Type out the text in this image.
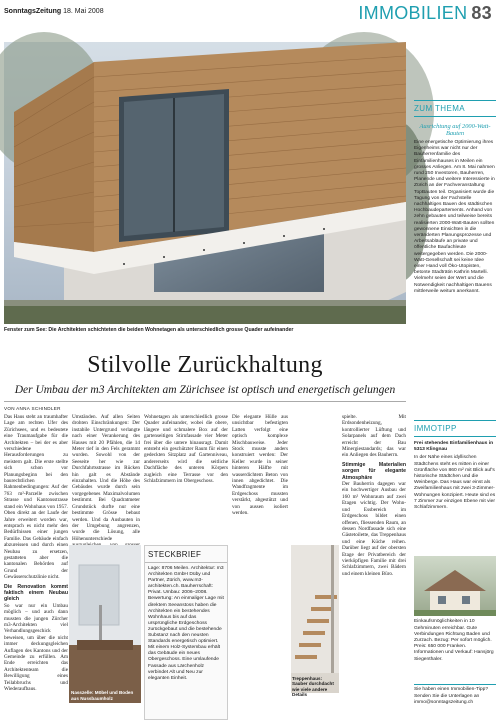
SonntagsZeitung 18. Mai 2008	IMMOBILIEN 83
Fenster zum See: Die Architekten schichteten die beiden Wohnetagen als unterschiedlich grosse Quader aufeinander
Stilvolle Zurückhaltung
Der Umbau der m3 Architekten am Zürichsee ist optisch und energetisch gelungen
VON ANNA SCHINDLER

Das Haus steht an traumhafter Lage am rechten Ufer des Zürichsees, und es bedeutete eine Traumaufgabe für die Architekten – bei der es aber verschiedene Herausforderungen zu meistern galt. Die erste stellte sich schon vor Planungsbeginn bei den baurechtlichen Rahmenbedingungen: Auf der 763 m²-Parzelle zwischen Strasse und Kantonsstrasse stand ein Wohnhaus von 1957. Oben direkt an der Laufe der Jahre erweitert worden war, entsprach es nicht mehr den Bedürfnissen einer jungen Familie. Das Gebäude einfach abzureissen und durch einen Neubau zu ersetzen, gestatteten aber die kantonalen Behörden auf Grund der Gewässerschutzlinie nicht.

Die Renovation kommt faktisch einem Neubau gleich

So war nur ein Umbau möglich – und auch dann mussten die jungen Zürcher m3-Architekten viel Verhandlungsgeschick beweisen, um über die nicht immer deckungsgleichen Auflagen des Kantons und der Gemeinde zu erfüllen. Am Ende erreichten das Architektenteam die Bewilligung eines Teilabbruchs und Wiederaufbaus.

Umständen. Auf allen Seiten drohten Einschränkungen: Der instabile Untergrund verlangte nach einer Verankerung des Hauses mit 20 Pfählen, die 14 Meter tief in den Fels gerammt wurden. Sowohl von der Seeseite her wie zur Durchfahrtsstrasse im Rücken hin galt es Abstände einzuhalten. Und die Höhe des Gebäudes wurde durch sein vorgegebenes Maximalvolumen bestimmt. Bei Quadratmeter Grundstück durfte nur eine bestimmte Grösse bebaut werden. Und da Ausbauten in der Umgebung angrenzen, wurde die Lösung, alle Höhenunterschiede

Wohnetagen als unterschiedlich grosse Quader aufeinander, wobei die obere, längere und schmalere Box auf der gartenseitigen Stirnfassade vier Meter frei über die untere hinausragt. Damit entsteht ein geschützter Raum für einen gedeckten Sitzplatz auf Gartenniveau, andererseits wird die seitliche Dachfläche des unteren Körpers zugleich eine Terrasse vor den Schlafzimmern im Obergeschoss.

Die elegante Hülle aus unsichtbar befestigten Latten verfolgt eine optisch komplexe Mischbauweise. Jeder Stock musste anders konstruiert werden: Der Keller wurde in seiner hinteren Hälfte mit wasserdichtem Beton von innen abgedichtet. Die Wandfragmente im Erdgeschoss mussten verstärkt, abgestützt und von aussen isoliert werden.

spielte. Mit Erdsondenheizung, kontrollierter Lüftung und Solarpanels auf dem Dach erreicht der Bau Minergiestandards; das war ein Anliegen des Bauherrn.

Stimmige Materialien sorgen für elegante Atmosphäre

Der Bauherrin dagegen war ein hochwertiger Ausbau der 160 m² Wohnraum auf zwei Etagen wichtig. Der Wohn- und Essbereich im Erdgeschoss bildet einen offenen, fliessenden Raum, an dessen Nordfassade sich eine Gästetoilette, das Treppenhaus und eine Küche reihen. Darüber liegt auf der obersten Etage der Privatbereich der vierköpfigen Familie mit drei Schlafzimmern, zwei Bädern und einem kleinen Büro.

Nasszelle: Möbel und Boden aus Nussbaumholz
STECKBRIEF
Lage: 8706 Meilen. Architektur: m3 Architekten GmbH Düby und Partner, Zürich, www.m3-architekten.ch. Bauherrschaft: Privat. Umbau: 2006–2008. Bewertung: An einmaliger Lage mit direktem Seeanstoss haben die Architekten ein bestehendes Wohnhaus bis auf das ursprüngliche Erdgeschoss zurückgebaut und die bestehende Substanz nach den neusten Standards energetisch optimiert. Mit einem Holz-Systembau erhält das Gebäude ein neues Obergeschoss. Eine umlaufende Fassade aus Lärchenholz verbindet Alt und Neu zur eleganten Einheit.	Treppenhaus: Sauber durchdacht wie viele andere Details
ZUM THEMA
Ausrichtung auf 2000-Watt-Bauten
Eine energetische Optimierung ihres Eigenheims war nicht nur der Bauherrenfamilie des Einfamilienhauses in Meilen ein grosses Anliegen. Am 8. Mai nahmen rund 250 Investoren, Bauherren, Planende und weitere Interessierte in Zürich an der Fachveranstaltung TopBauten teil. Organisiert wurde die Tagung von der Fachstelle nachhaltiges Bauen des städtischen Hochbaudepartements. Anhand von zehn gebauten und teilweise bereits realisierten 2000-Watt-Bauten sollten gewonnene Einsichten in die veränderten Planungsprozesse und Arbeitsabläufe an private und öffentliche Baufachleute weitergegeben werden. Die 2000-Watt-Gesellschaft sei keine Idee einer Hand voll Öko-Utopisten, betonte Stadträtin Kathrin Martelli. Vielmehr seien der Wert und die Notwendigkeit nachhaltigen Bauens mittlerweile weitum anerkannt.
IMMOTIPP
Frei stehendes Einfamilienhaus in 5313 Klingnau
In der Nähe eines idyllischen Städtchens steht es mitten in einer Grünfläche von 860 m² mit Blick auf's historische Städtchen und die Weinberge. Das Haus war einst als Zweifamilienhaus mit zwei 3-Zimmer-Wohnungen konzipiert. Heute sind es 7 Zimmer zur einzigen Ebene mit vier Schlafzimmern.
Einkaufsmöglichkeiten in 10 Gehminuten erreichbar. Gute Verbindungen Richtung Baden und Zurzach. Bezug: Per sofort möglich. Preis: 650 000 Franken. Informationen und Verkauf: Hansjörg Siegenthaler.
Sie haben einen Immobilien-Tipp? Senden Sie die Unterlagen an immo@sonntagszeitung.ch
